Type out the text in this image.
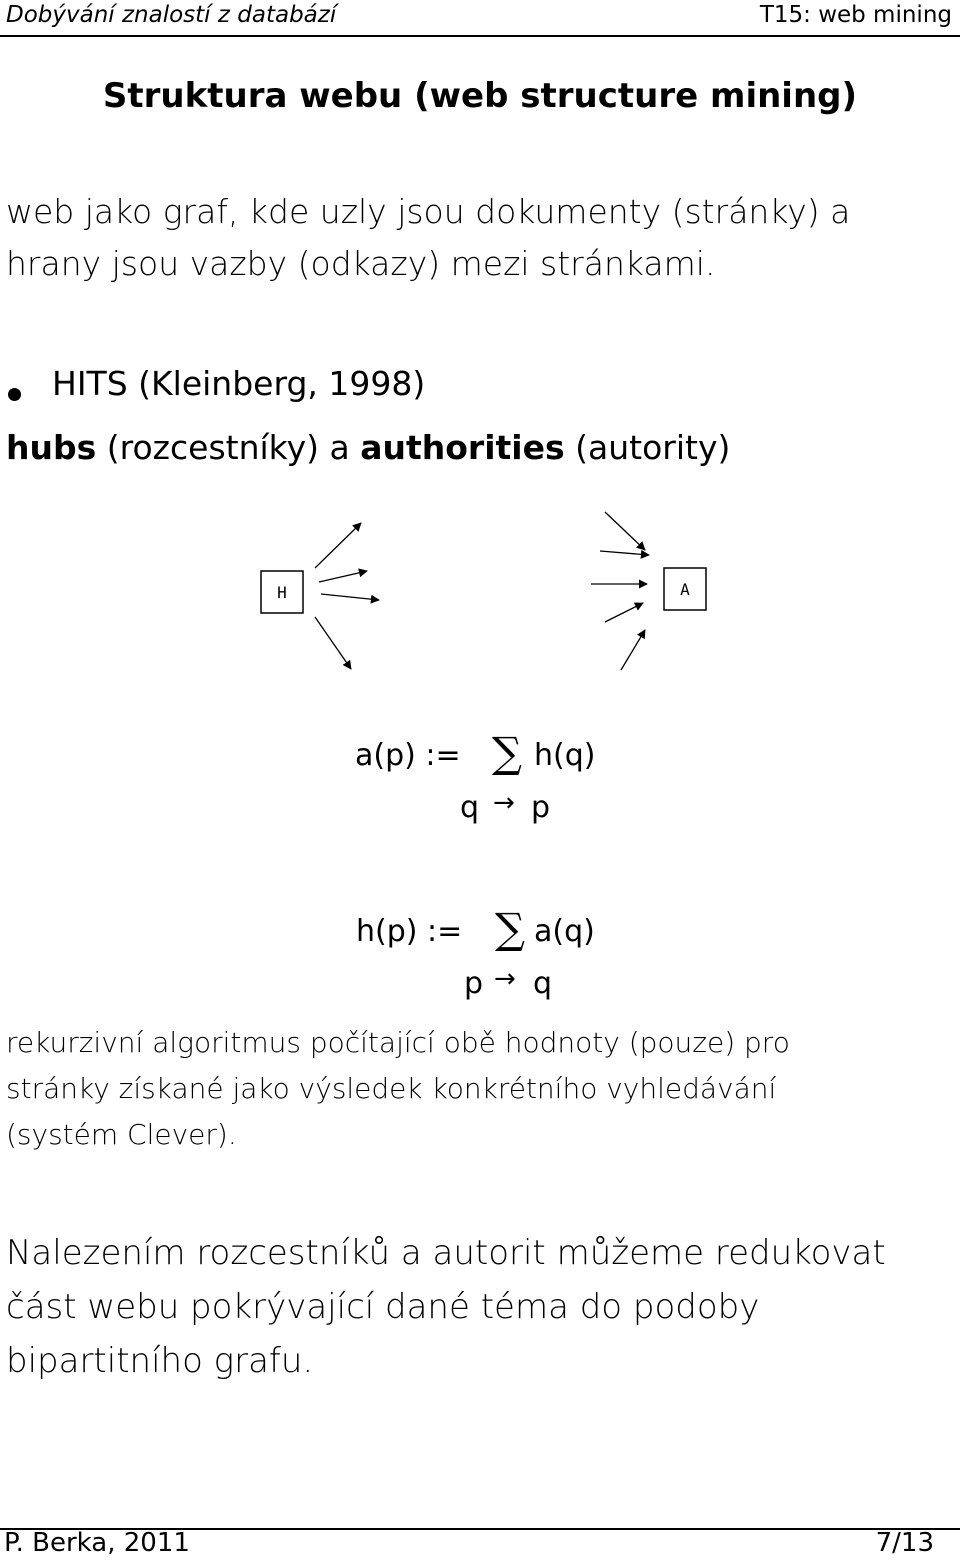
Dobývání znalostí z databází	T15: web mining
Struktura webu (web structure mining)
web jako graf, kde uzly jsou dokumenty (stránky) a
hrany jsou vazby (odkazy) mezi stránkami.
HITS (Kleinberg, 1998)
hubs (rozcestníky) a authorities (autority)
H	A
a(p) := ∑ h(q)
q → p
h(p) := ∑ a(q)
p → q
rekurzivní algoritmus počítající obě hodnoty (pouze) pro
stránky získané jako výsledek konkrétního vyhledávání
(systém Clever).
Nalezením rozcestníků a autorit můžeme redukovat
část webu pokrývající dané téma do podoby
bipartitního grafu.
P. Berka, 2011	7/13
